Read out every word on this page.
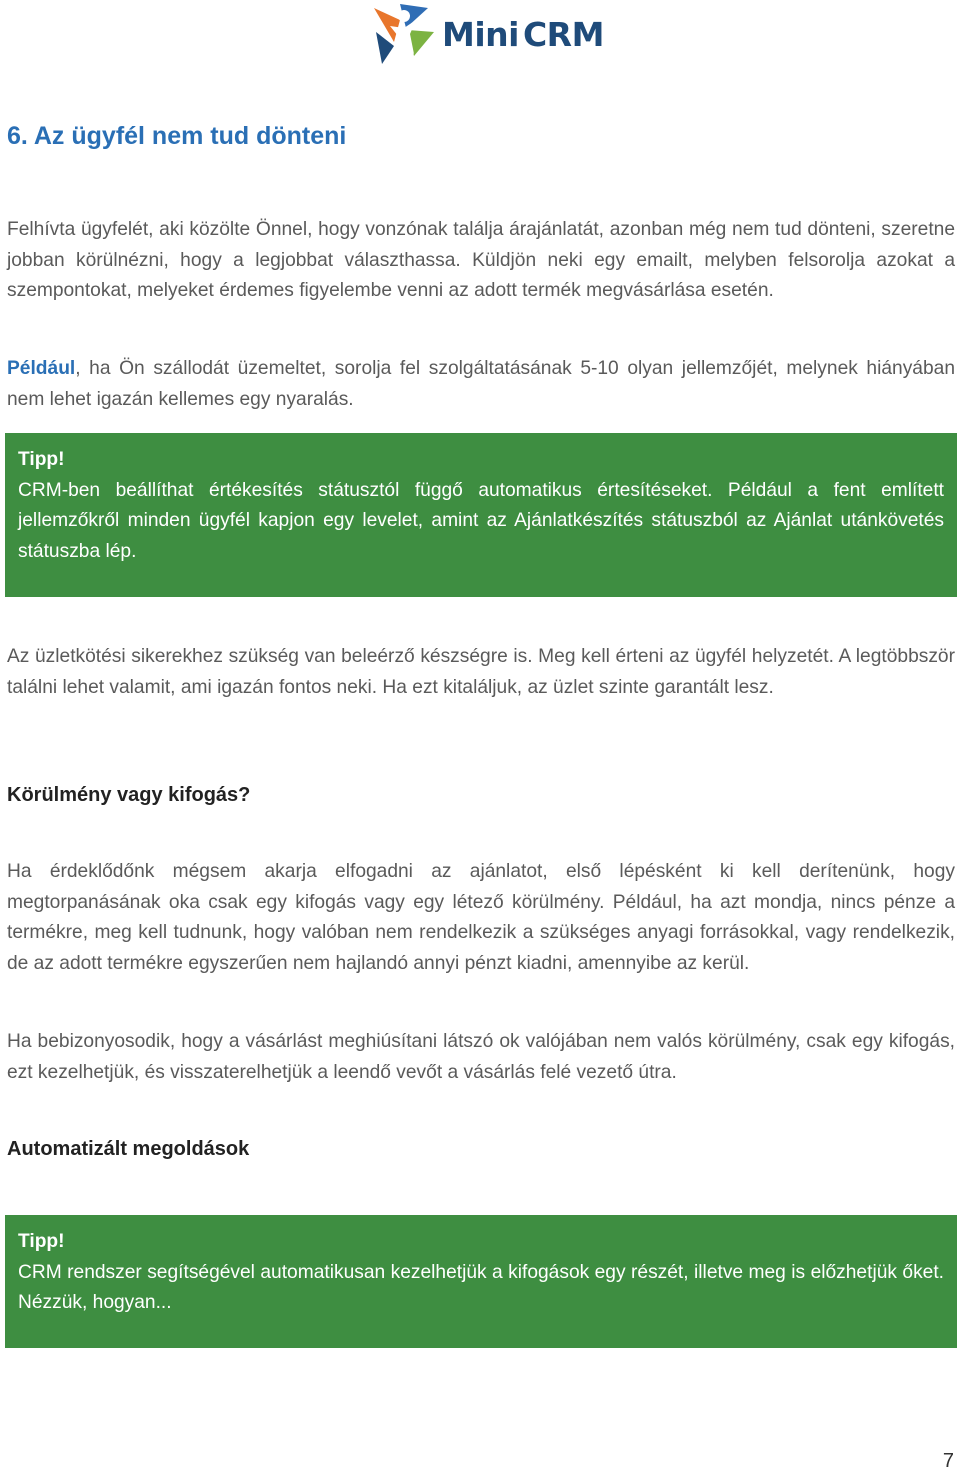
Mini CRM
6. Az ügyfél nem tud dönteni

Felhívta ügyfelét, aki közölte Önnel, hogy vonzónak találja árajánlatát, azonban még nem tud dönteni, szeretne jobban körülnézni, hogy a legjobbat választhassa. Küldjön neki egy emailt, melyben felsorolja azokat a szempontokat, melyeket érdemes figyelembe venni az adott termék megvásárlása esetén.

Például, ha Ön szállodát üzemeltet, sorolja fel szolgáltatásának 5-10 olyan jellemzőjét, melynek hiányában nem lehet igazán kellemes egy nyaralás.

Tipp!

CRM-ben beállíthat értékesítés státusztól függő automatikus értesítéseket. Például a fent említett jellemzőkről minden ügyfél kapjon egy levelet, amint az Ajánlatkészítés státuszból az Ajánlat utánkövetés státuszba lép.

Az üzletkötési sikerekhez szükség van beleérző készségre is. Meg kell érteni az ügyfél helyzetét. A legtöbbször találni lehet valamit, ami igazán fontos neki. Ha ezt kitaláljuk, az üzlet szinte garantált lesz.

Körülmény vagy kifogás?

Ha érdeklődőnk mégsem akarja elfogadni az ajánlatot, első lépésként ki kell derítenünk, hogy megtorpanásának oka csak egy kifogás vagy egy létező körülmény. Például, ha azt mondja, nincs pénze a termékre, meg kell tudnunk, hogy valóban nem rendelkezik a szükséges anyagi forrásokkal, vagy rendelkezik, de az adott termékre egyszerűen nem hajlandó annyi pénzt kiadni, amennyibe az kerül.

Ha bebizonyosodik, hogy a vásárlást meghiúsítani látszó ok valójában nem valós körülmény, csak egy kifogás, ezt kezelhetjük, és visszaterelhetjük a leendő vevőt a vásárlás felé vezető útra.

Automatizált megoldások
Tipp!

CRM rendszer segítségével automatikusan kezelhetjük a kifogások egy részét, illetve meg is előzhetjük őket. Nézzük, hogyan...

7
